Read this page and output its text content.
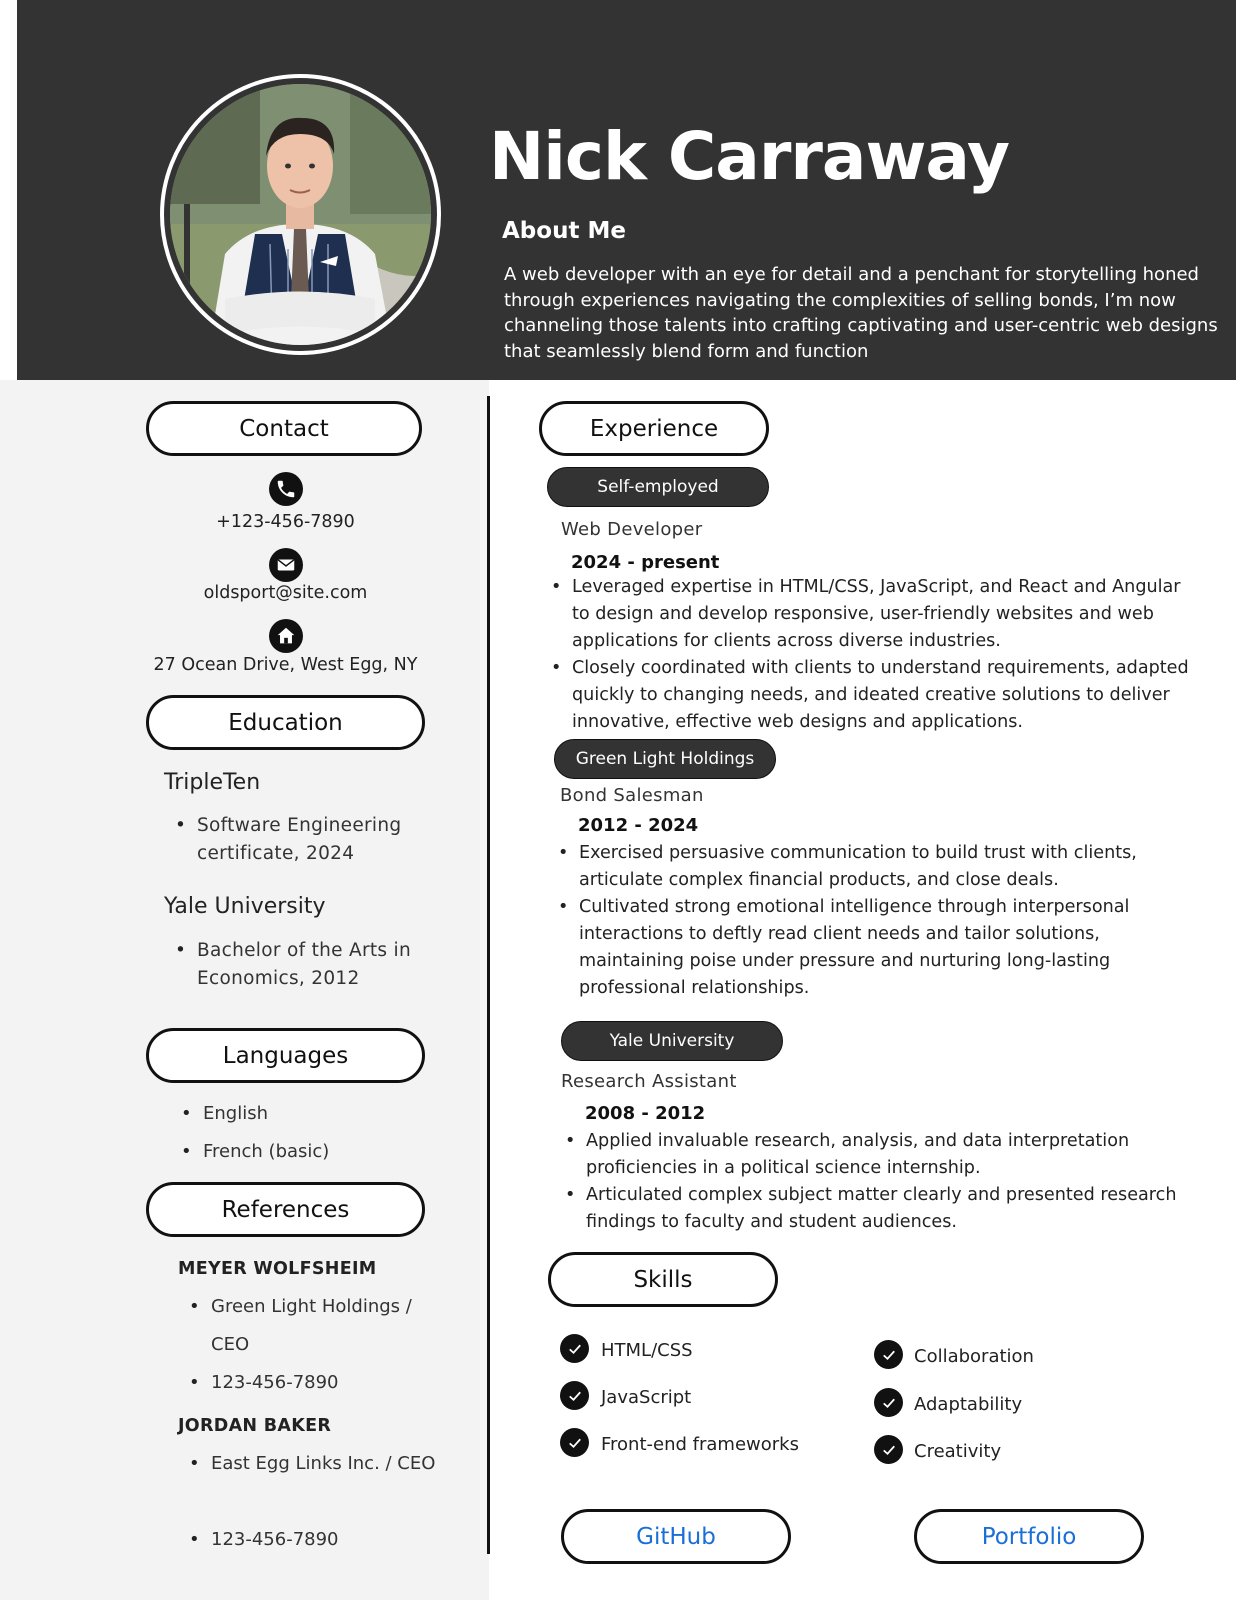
Nick Carraway
About Me
A web developer with an eye for detail and a penchant for storytelling honed through experiences navigating the complexities of selling bonds, I’m now channeling those talents into crafting captivating and user-centric web designs that seamlessly blend form and function
Contact
+123-456-7890
oldsport@site.com
27 Ocean Drive, West Egg, NY
Education
TripleTen
• Software Engineering certificate, 2024
Yale University
• Bachelor of the Arts in Economics, 2012
Languages
• English
• French (basic)
References
MEYER WOLFSHEIM
• Green Light Holdings / CEO
• 123-456-7890
JORDAN BAKER
• East Egg Links Inc. / CEO
• 123-456-7890
Experience
Self-employed
Web Developer
2024 - present
• Leveraged expertise in HTML/CSS, JavaScript, and React and Angular to design and develop responsive, user-friendly websites and web applications for clients across diverse industries.
• Closely coordinated with clients to understand requirements, adapted quickly to changing needs, and ideated creative solutions to deliver innovative, effective web designs and applications.
Green Light Holdings
Bond Salesman
2012 - 2024
• Exercised persuasive communication to build trust with clients, articulate complex financial products, and close deals.
• Cultivated strong emotional intelligence through interpersonal interactions to deftly read client needs and tailor solutions, maintaining poise under pressure and nurturing long-lasting professional relationships.
Yale University
Research Assistant
2008 - 2012
• Applied invaluable research, analysis, and data interpretation proficiencies in a political science internship.
• Articulated complex subject matter clearly and presented research findings to faculty and student audiences.
Skills
HTML/CSS
JavaScript
Front-end frameworks
Collaboration
Adaptability
Creativity
GitHub	Portfolio
